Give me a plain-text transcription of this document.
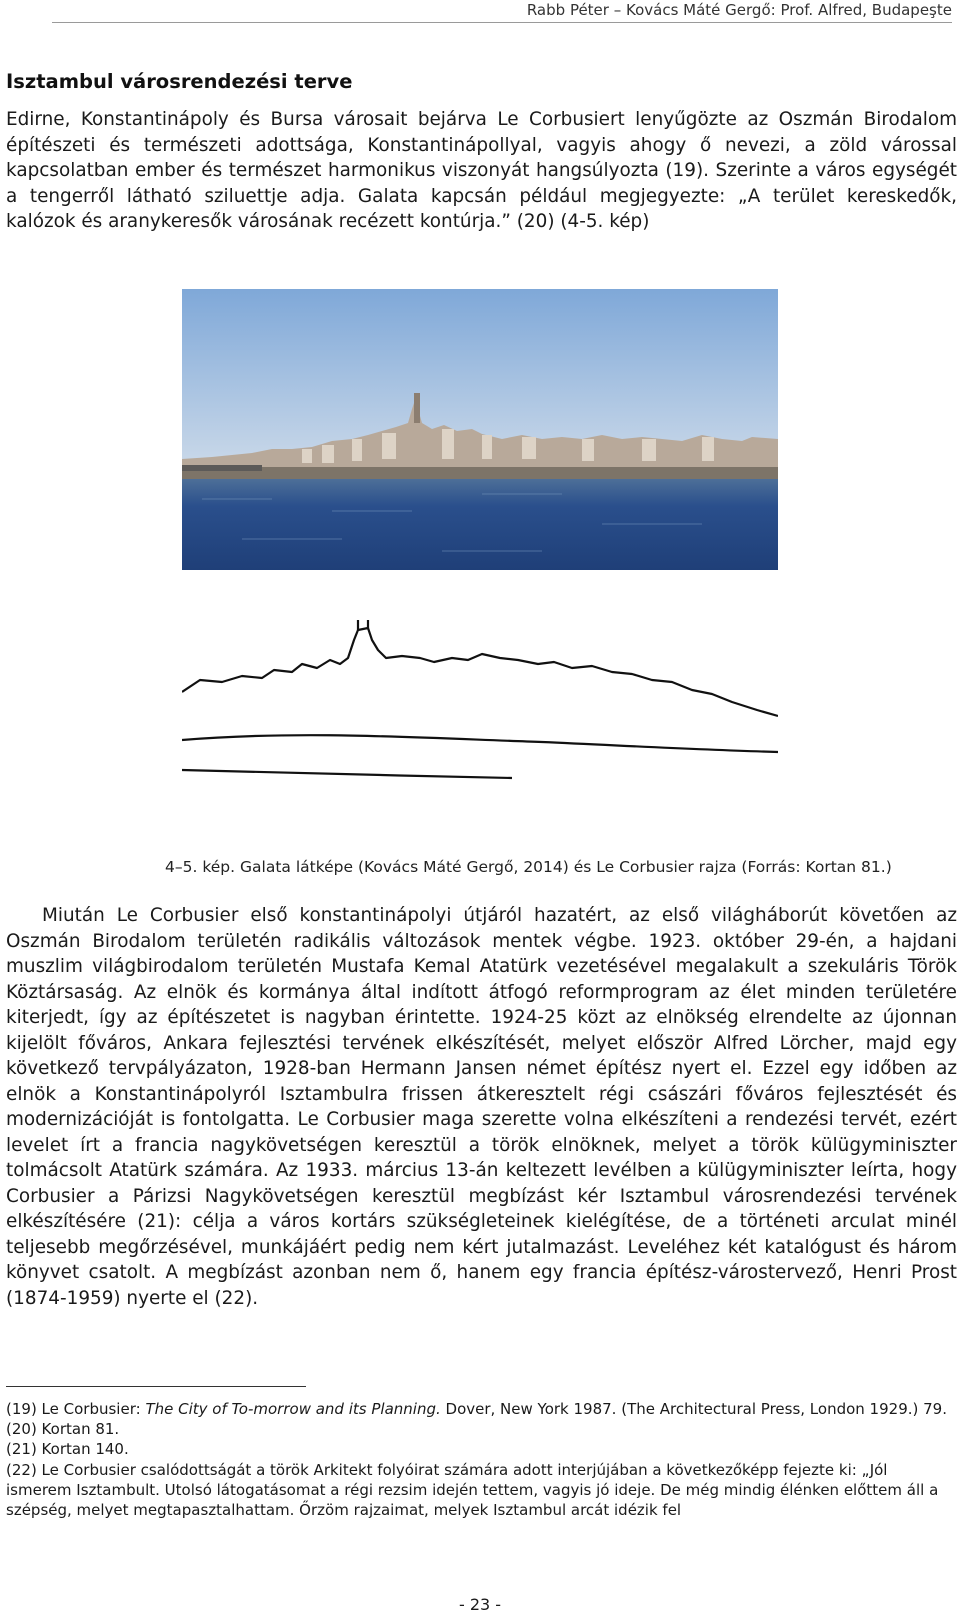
Rabb Péter – Kovács Máté Gergő: Prof. Alfred, Budapeşte
Isztambul városrendezési terve
Edirne, Konstantinápoly és Bursa városait bejárva Le Corbusiert lenyűgözte az Oszmán Birodalom építészeti és természeti adottsága, Konstantinápollyal, vagyis ahogy ő nevezi, a zöld várossal kapcsolatban ember és természet harmonikus viszonyát hangsúlyozta (19). Szerinte a város egységét a tengerről látható sziluettje adja. Galata kapcsán például megjegyezte: „A terület kereskedők, kalózok és aranykeresők városának recézett kontúrja.” (20) (4-5. kép)
4–5. kép. Galata látképe (Kovács Máté Gergő, 2014) és Le Corbusier rajza (Forrás: Kortan 81.)
Miután Le Corbusier első konstantinápolyi útjáról hazatért, az első világháborút követően az Oszmán Birodalom területén radikális változások mentek végbe. 1923. október 29-én, a hajdani muszlim világbirodalom területén Mustafa Kemal Atatürk vezetésével megalakult a szekuláris Török Köztársaság. Az elnök és kormánya által indított átfogó reformprogram az élet minden területére kiterjedt, így az építészetet is nagyban érintette. 1924-25 közt az elnökség elrendelte az újonnan kijelölt főváros, Ankara fejlesztési tervének elkészítését, melyet először Alfred Lörcher, majd egy következő tervpályázaton, 1928-ban Hermann Jansen német építész nyert el. Ezzel egy időben az elnök a Konstantinápolyról Isztambulra frissen átkeresztelt régi császári főváros fejlesztését és modernizációját is fontolgatta. Le Corbusier maga szerette volna elkészíteni a rendezési tervét, ezért levelet írt a francia nagykövetségen keresztül a török elnöknek, melyet a török külügyminiszter tolmácsolt Atatürk számára. Az 1933. március 13-án keltezett levélben a külügyminiszter leírta, hogy Corbusier a Párizsi Nagykövetségen keresztül megbízást kér Isztambul városrendezési tervének elkészítésére (21): célja a város kortárs szükségleteinek kielégítése, de a történeti arculat minél teljesebb megőrzésével, munkájáért pedig nem kért jutalmazást. Leveléhez két katalógust és három könyvet csatolt. A megbízást azonban nem ő, hanem egy francia építész-várostervező, Henri Prost (1874-1959) nyerte el (22).

(19) Le Corbusier: The City of To-morrow and its Planning. Dover, New York 1987. (The Architectural Press, London 1929.) 79.

(20) Kortan 81.

(21) Kortan 140.

(22) Le Corbusier csalódottságát a török Arkitekt folyóirat számára adott interjújában a következőképp fejezte ki: „Jól ismerem Isztambult. Utolsó látogatásomat a régi rezsim idején tettem, vagyis jó ideje. De még mindig élénken előttem áll a szépség, melyet megtapasztalhattam. Őrzöm rajzaimat, melyek Isztambul arcát idézik fel

- 23 -
